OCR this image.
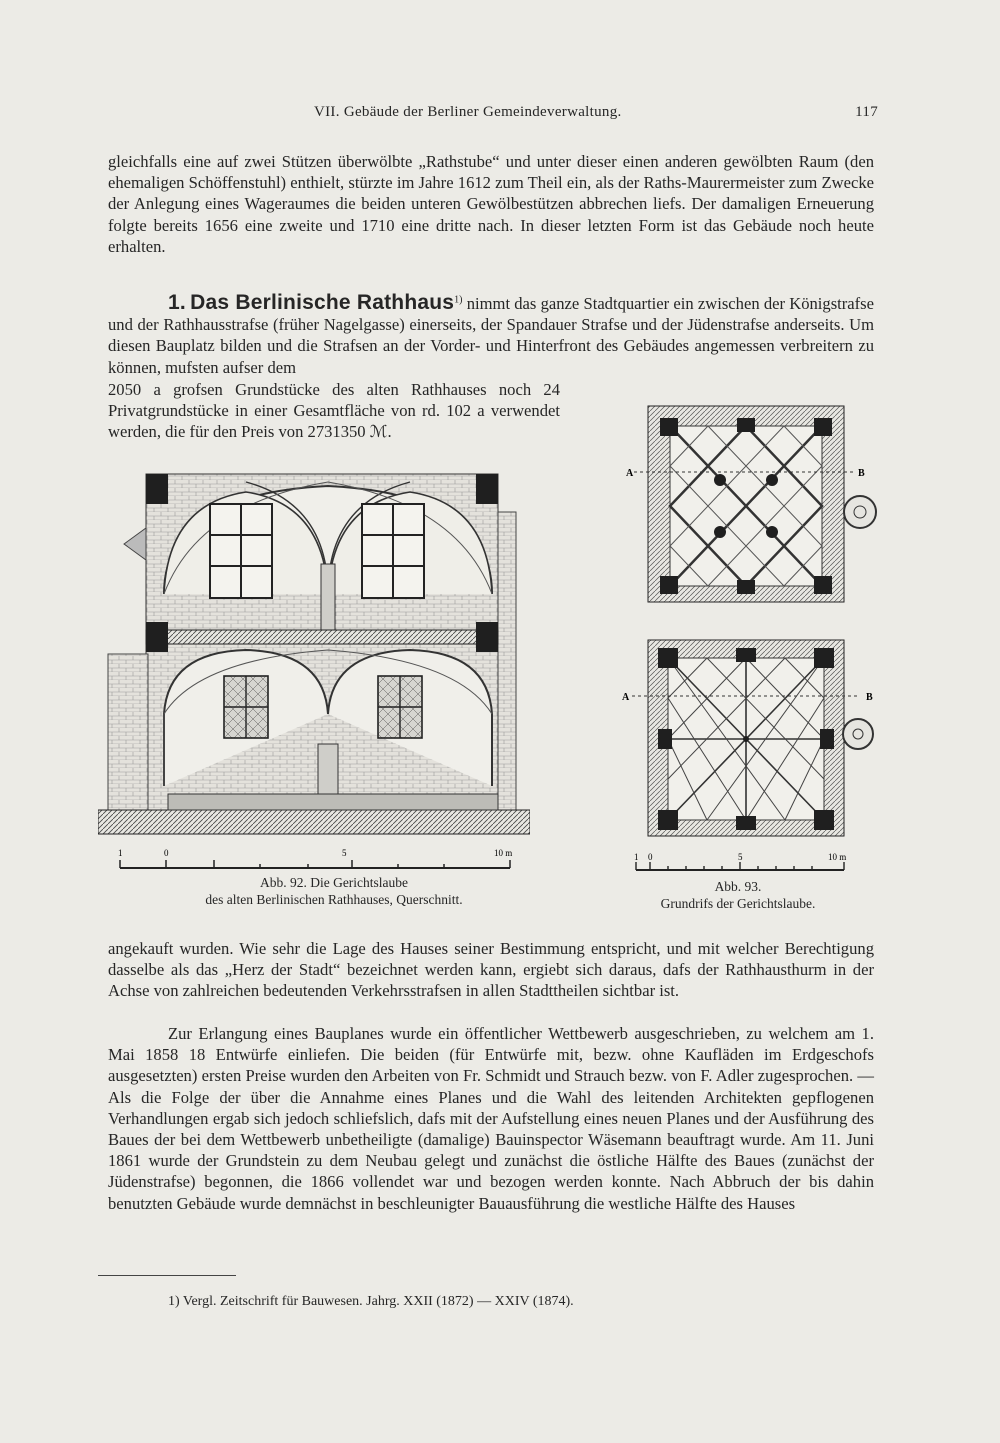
VII. Gebäude der Berliner Gemeindeverwaltung.	117

gleichfalls eine auf zwei Stützen überwölbte „Rathstube“ und unter dieser einen anderen gewölbten Raum (den ehemaligen Schöffenstuhl) enthielt, stürzte im Jahre 1612 zum Theil ein, als der Raths-Maurermeister zum Zwecke der Anlegung eines Wageraumes die beiden unteren Gewölbestützen abbrechen liefs. Der damaligen Erneuerung folgte bereits 1656 eine zweite und 1710 eine dritte nach. In dieser letzten Form ist das Gebäude noch heute erhalten.

1. Das Berlinische Rathhaus$^{1)}$ nimmt das ganze Stadtquartier ein zwischen der Königstrafse und der Rathhausstrafse (früher Nagelgasse) einerseits, der Spandauer Strafse und der Jüdenstrafse anderseits. Um diesen Bauplatz bilden und die Strafsen an der Vorder- und Hinterfront des Gebäudes angemessen verbreitern zu können, mufsten aufser dem

2050 a grofsen Grundstücke des alten Rathhauses noch 24 Privatgrundstücke in einer Gesamtfläche von rd. 102 a verwendet werden, die für den Preis von 2731350 ℳ.

1	0	5	10 m
Abb. 92. Die Gerichtslaube
des alten Berlinischen Rathhauses, Querschnitt.
A	B
A	B
1 0	5	10 m
Abb. 93.
Grundrifs der Gerichtslaube.

angekauft wurden. Wie sehr die Lage des Hauses seiner Bestimmung entspricht, und mit welcher Berechtigung dasselbe als das „Herz der Stadt“ bezeichnet werden kann, ergiebt sich daraus, dafs der Rathhausthurm in der Achse von zahlreichen bedeutenden Verkehrsstrafsen in allen Stadttheilen sichtbar ist.

Zur Erlangung eines Bauplanes wurde ein öffentlicher Wettbewerb ausgeschrieben, zu welchem am 1. Mai 1858 18 Entwürfe einliefen. Die beiden (für Entwürfe mit, bezw. ohne Kaufläden im Erdgeschofs ausgesetzten) ersten Preise wurden den Arbeiten von Fr. Schmidt und Strauch bezw. von F. Adler zugesprochen. — Als die Folge der über die Annahme eines Planes und die Wahl des leitenden Architekten gepflogenen Verhandlungen ergab sich jedoch schliefslich, dafs mit der Aufstellung eines neuen Planes und der Ausführung des Baues der bei dem Wettbewerb unbetheiligte (damalige) Bauinspector Wäsemann beauftragt wurde. Am 11. Juni 1861 wurde der Grundstein zu dem Neubau gelegt und zunächst die östliche Hälfte des Baues (zunächst der Jüdenstrafse) begonnen, die 1866 vollendet war und bezogen werden konnte. Nach Abbruch der bis dahin benutzten Gebäude wurde demnächst in beschleunigter Bauausführung die westliche Hälfte des Hauses

1) Vergl. Zeitschrift für Bauwesen. Jahrg. XXII (1872) — XXIV (1874).
